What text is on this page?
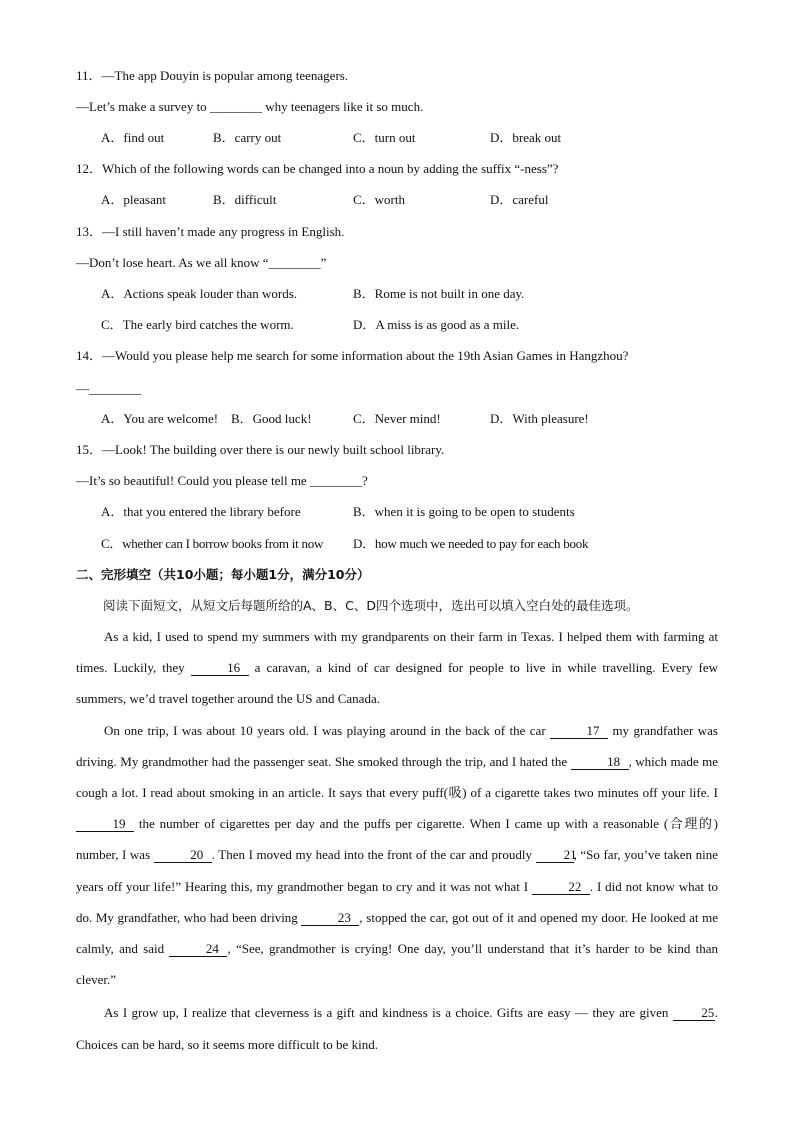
11．—The app Douyin is popular among teenagers.
—Let’s make a survey to ________ why teenagers like it so much.
A．find out	B．carry out	C．turn out	D．break out
12．Which of the following words can be changed into a noun by adding the suffix “-ness”?
A．pleasant	B．difficult	C．worth	D．careful
13．—I still haven’t made any progress in English.
—Don’t lose heart. As we all know “________”
A．Actions speak louder than words.	B．Rome is not built in one day.
C．The early bird catches the worm.	D．A miss is as good as a mile.
14．—Would you please help me search for some information about the 19th Asian Games in Hangzhou?
—________
A．You are welcome! B．Good luck!	C．Never mind!	D．With pleasure!
15．—Look! The building over there is our newly built school library.
—It’s so beautiful! Could you please tell me ________?
A．that you entered the library before	B．when it is going to be open to students
C．whether can I borrow books from it now D．how much we needed to pay for each book
二、完形填空（共10小题；每小题1分，满分10分）
阅读下面短文，从短文后每题所给的A、B、C、D四个选项中，选出可以填入空白处的最佳选项。

As a kid, I used to spend my summers with my grandparents on their farm in Texas. I helped them with farming at times. Luckily, they	16 a caravan, a kind of car designed for people to live in while travelling. Every few summers, we’d travel together around the US and Canada.

On one trip, I was about 10 years old. I was playing around in the back of the car	17 my grandfather was driving. My grandmother had the passenger seat. She smoked through the trip, and I hated the	18 , which made me cough a lot. I read about smoking in an article. It says that every puff(吸) of a cigarette takes two minutes off your life. I 19 the number of cigarettes per day and the puffs per cigarette. When I came up with a reasonable (合理的) number, I was	20 . Then I moved my head into the front of the car and proudly 21, “So far, you’ve taken nine years off your life!” Hearing this, my grandmother began to cry and it was not what I	22 . I did not know what to do. My grandfather, who had been driving	23 , stopped the car, got out of it and opened my door. He looked at me calmly, and said	24 , “See, grandmother is crying! One day, you’ll understand that it’s harder to be kind than clever.”

As I grow up, I realize that cleverness is a gift and kindness is a choice. Gifts are easy — they are given 25. Choices can be hard, so it seems more difficult to be kind.
